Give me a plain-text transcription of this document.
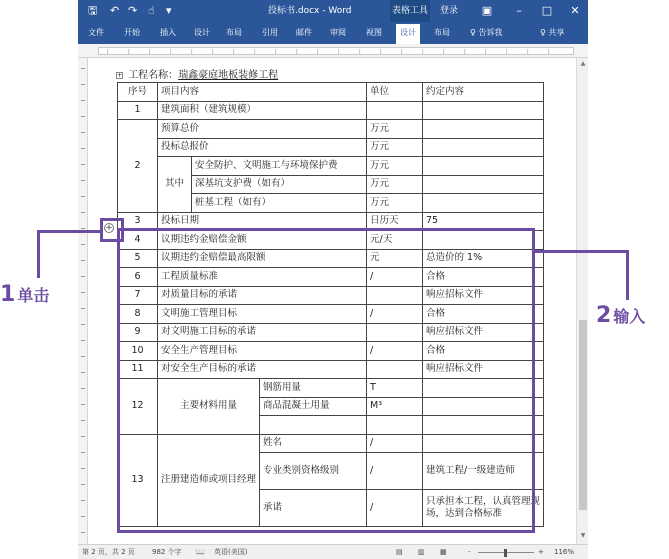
🖫 ↶ ↷ ☝ ▾	投标书.docx - Word	表格工具 登录	▣	–	□	✕
文件	开始	插入 设计 布局	引用 邮件 审阅	视图	设计	布局	♀ 告诉我	♀ 共享
|	|	|	|	|	|	|	|	|	|	|	|	|	|	|	|	|	|	|	|	|	|
+ 工程名称：瑞鑫豪庭地板装修工程
序号	项目内容			单位	约定内容
1	建筑面积（建筑规模）				
2	预算总价			万元	
	投标总报价			万元	
	其中	安全防护、文明施工与环境保护费		万元	
		深基坑支护费（如有）		万元	
		桩基工程（如有）		万元	
3	投标日期			日历天	75
4	议期违约金赔偿金额			元/天	
5	议期违约金赔偿最高限额			元	总造价的 1%
6	工程质量标准			/	合格
7	对质量目标的承诺				响应招标文件
8	文明施工管理目标			/	合格
9	对文明施工目标的承诺				响应招标文件
10	安全生产管理目标			/	合格
11	对安全生产目标的承诺				响应招标文件
12	主要材料用量		钢筋用量	T	
			商品混凝土用量	M³	

13	注册建造师或项目经理		姓名	/	
			专业类别资格级别	/	建筑工程/一级建造师
			承诺	/	只承担本工程，认真管理现场，达到合格标准
▲
▼
第 2 页，共 2 页 982 个字 📖 英语(美国)	▤ ▥ ▦	-	+ 116%
+
1 单击
2 输入
